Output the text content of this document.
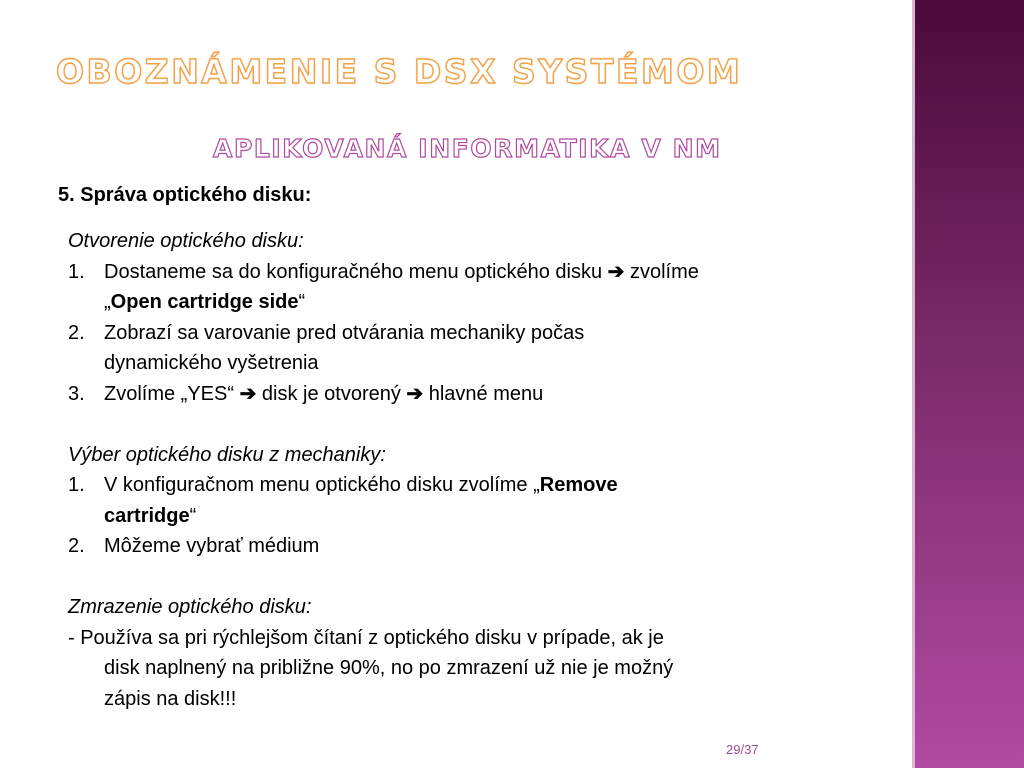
OBOZNÁMENIE S DSX SYSTÉMOM
APLIKOVANÁ INFORMATIKA V NM
5. Správa optického disku:

Otvorenie optického disku:

1. Dostaneme sa do konfiguračného menu optického disku ➔ zvolíme
„Open cartridge side“
2. Zobrazí sa varovanie pred otvárania mechaniky počas
dynamického vyšetrenia
3. Zvolíme „YES“ ➔ disk je otvorený ➔ hlavné menu

Výber optického disku z mechaniky:

1. V konfiguračnom menu optického disku zvolíme „Remove
cartridge“
2. Môžeme vybrať médium

Zmrazenie optického disku:

- Používa sa pri rýchlejšom čítaní z optického disku v prípade, ak je
disk naplnený na približne 90%, no po zmrazení už nie je možný
zápis na disk!!!

29/37
